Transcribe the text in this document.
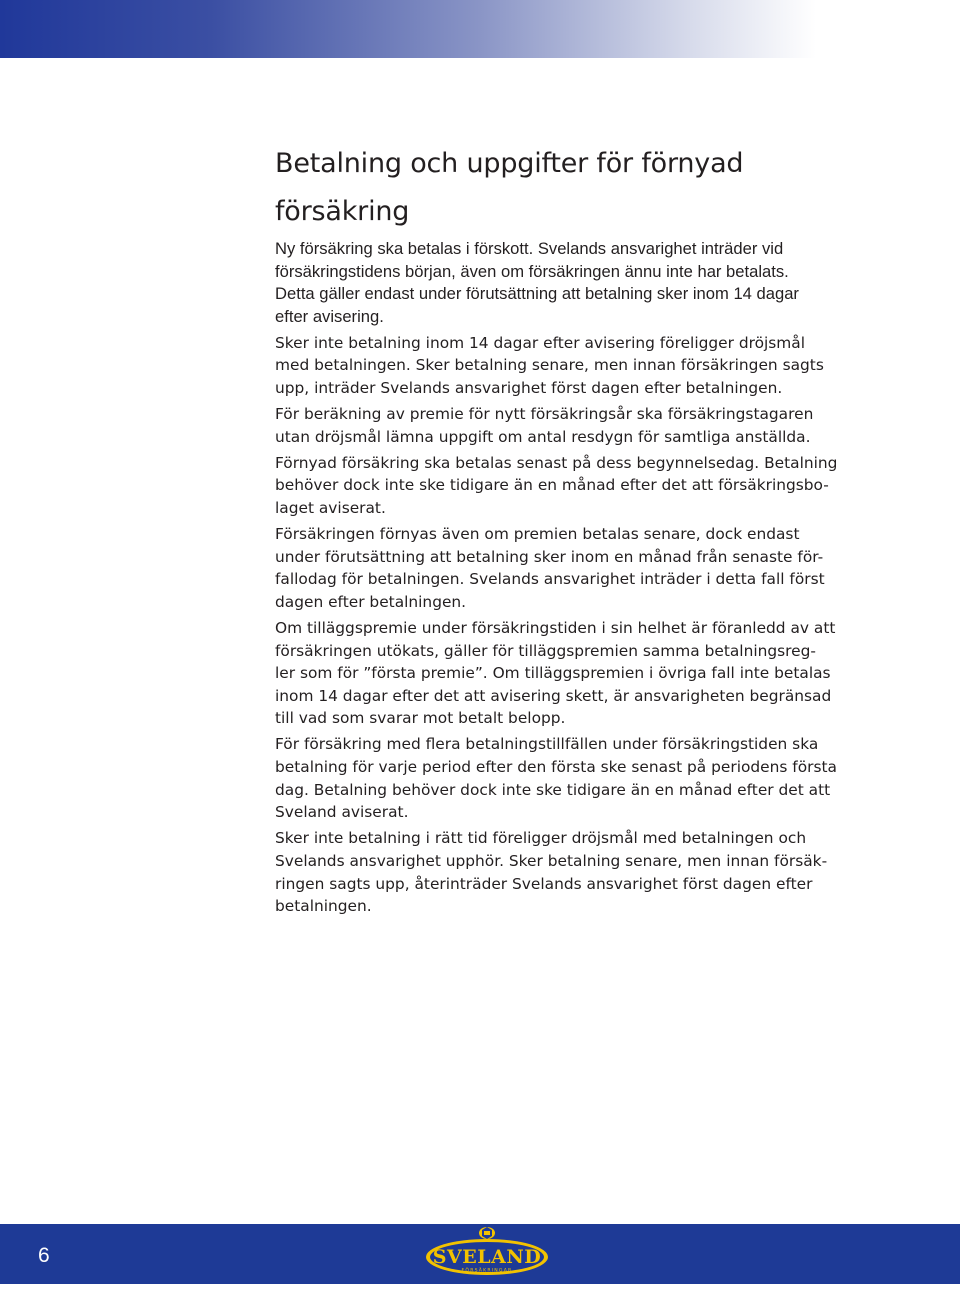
Betalning och uppgifter för förnyad
försäkring

Ny försäkring ska betalas i förskott. Svelands ansvarighet inträder vid
försäkringstidens början, även om försäkringen ännu inte har betalats.
Detta gäller endast under förutsättning att betalning sker inom 14 dagar
efter avisering.

Sker inte betalning inom 14 dagar efter avisering föreligger dröjsmål
med betalningen. Sker betalning senare, men innan försäkringen sagts
upp, inträder Svelands ansvarighet först dagen efter betalningen.

För beräkning av premie för nytt försäkringsår ska försäkringstagaren
utan dröjsmål lämna uppgift om antal resdygn för samtliga anställda.

Förnyad försäkring ska betalas senast på dess begynnelsedag. Betalning
behöver dock inte ske tidigare än en månad efter det att försäkringsbo-
laget aviserat.

Försäkringen förnyas även om premien betalas senare, dock endast
under förutsättning att betalning sker inom en månad från senaste för-
fallodag för betalningen. Svelands ansvarighet inträder i detta fall först
dagen efter betalningen.

Om tilläggspremie under försäkringstiden i sin helhet är föranledd av att
försäkringen utökats, gäller för tilläggspremien samma betalningsreg-
ler som för ”första premie”. Om tilläggspremien i övriga fall inte betalas
inom 14 dagar efter det att avisering skett, är ansvarigheten begränsad
till vad som svarar mot betalt belopp.

För försäkring med flera betalningstillfällen under försäkringstiden ska
betalning för varje period efter den första ske senast på periodens första
dag. Betalning behöver dock inte ske tidigare än en månad efter det att
Sveland aviserat.

Sker inte betalning i rätt tid föreligger dröjsmål med betalningen och
Svelands ansvarighet upphör. Sker betalning senare, men innan försäk-
ringen sagts upp, återinträder Svelands ansvarighet först dagen efter
betalningen.

6	SVELAND
FÖRSÄKRINGAR
